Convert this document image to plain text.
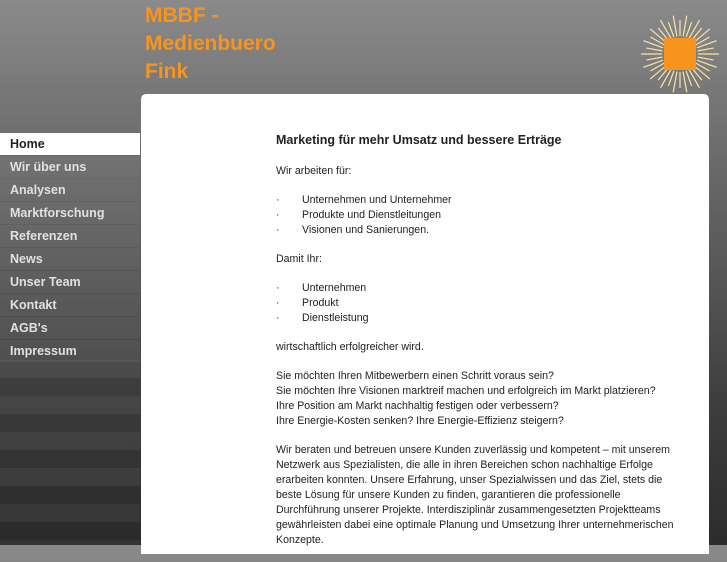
MBBF -
Medienbuero
Fink
Home
Wir über uns
Analysen
Marktforschung
Referenzen
News
Unser Team
Kontakt
AGB's
Impressum
Marketing für mehr Umsatz und bessere Erträge

Wir arbeiten für:

· Unternehmen und Unternehmer
· Produkte und Dienstleitungen
· Visionen und Sanierungen.

Damit Ihr:

· Unternehmen
· Produkt
· Dienstleistung

wirtschaftlich erfolgreicher wird.

Sie möchten Ihren Mitbewerbern einen Schritt voraus sein?
Sie möchten Ihre Visionen marktreif machen und erfolgreich im Markt platzieren?
Ihre Position am Markt nachhaltig festigen oder verbessern?
Ihre Energie-Kosten senken? Ihre Energie-Effizienz steigern?

Wir beraten und betreuen unsere Kunden zuverlässig und kompetent – mit unserem Netzwerk aus Spezialisten, die alle in ihren Bereichen schon nachhaltige Erfolge erarbeiten konnten. Unsere Erfahrung, unser Spezialwissen und das Ziel, stets die beste Lösung für unsere Kunden zu finden, garantieren die professionelle Durchführung unserer Projekte. Interdisziplinär zusammengesetzten Projektteams gewährleisten dabei eine optimale Planung und Umsetzung Ihrer unternehmerischen Konzepte.
